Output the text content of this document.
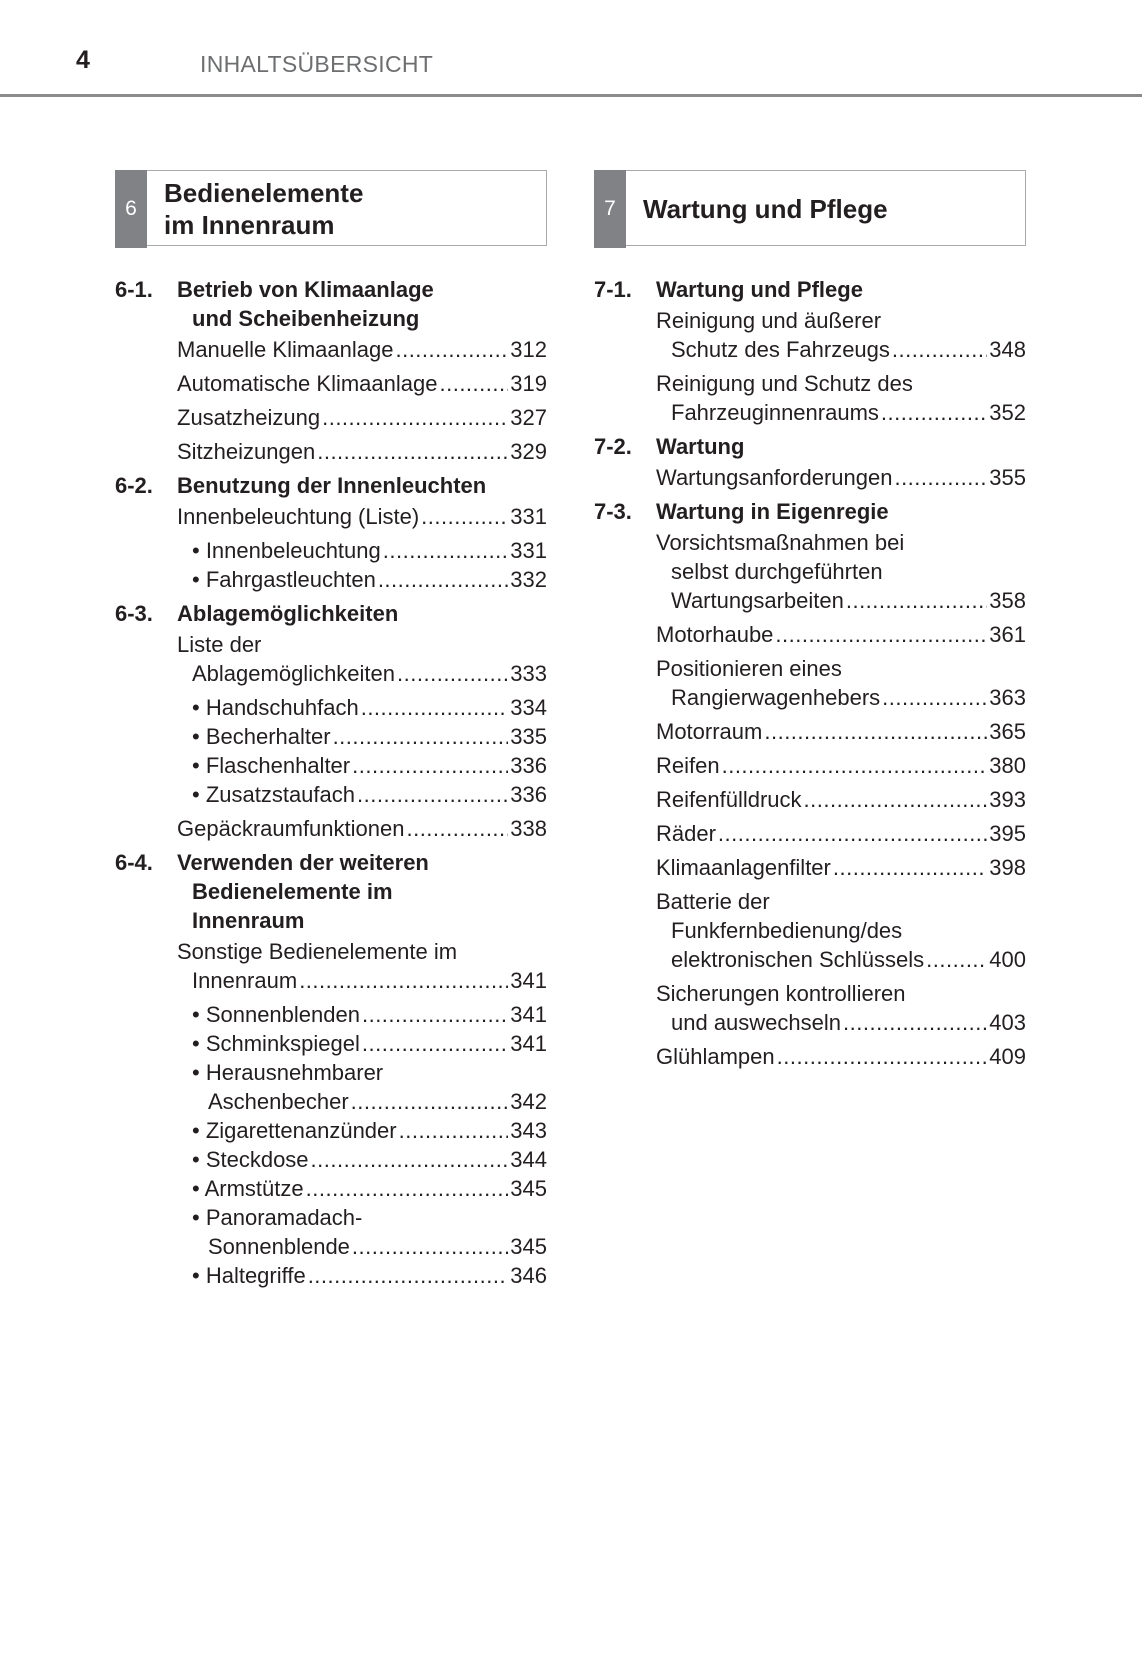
4	INHALTSÜBERSICHT
6
Bedienelemente
im Innenraum
6-1. Betrieb von Klimaanlage
und Scheibenheizung
Manuelle Klimaanlage .....	312
Automatische Klimaanlage .....	319
Zusatzheizung .....	327
Sitzheizungen .....	329
6-2. Benutzung der Innenleuchten
Innenbeleuchtung (Liste) .....	331
• Innenbeleuchtung .....	331
• Fahrgastleuchten .....	332
6-3. Ablagemöglichkeiten
Liste der
Ablagemöglichkeiten .....	333
• Handschuhfach .....	334
• Becherhalter .....	335
• Flaschenhalter .....	336
• Zusatzstaufach .....	336
Gepäckraumfunktionen .....	338
6-4. Verwenden der weiteren
Bedienelemente im
Innenraum
Sonstige Bedienelemente im
Innenraum .....	341
• Sonnenblenden .....	341
• Schminkspiegel .....	341
• Herausnehmbarer
Aschenbecher .....	342
• Zigarettenanzünder .....	343
• Steckdose .....	344
• Armstütze .....	345
• Panoramadach-
Sonnenblende .....	345
• Haltegriffe .....	346
7	Wartung und Pflege
7-1. Wartung und Pflege
Reinigung und äußerer
Schutz des Fahrzeugs .....	348
Reinigung und Schutz des
Fahrzeuginnenraums .....	352
7-2. Wartung
Wartungsanforderungen .....	355
7-3. Wartung in Eigenregie
Vorsichtsmaßnahmen bei
selbst durchgeführten
Wartungsarbeiten .....	358
Motorhaube .....	361
Positionieren eines
Rangierwagenhebers .....	363
Motorraum .....	365
Reifen .....	380
Reifenfülldruck .....	393
Räder .....	395
Klimaanlagenfilter .....	398
Batterie der
Funkfernbedienung/des
elektronischen Schlüssels .....	400
Sicherungen kontrollieren
und auswechseln .....	403
Glühlampen .....	409
